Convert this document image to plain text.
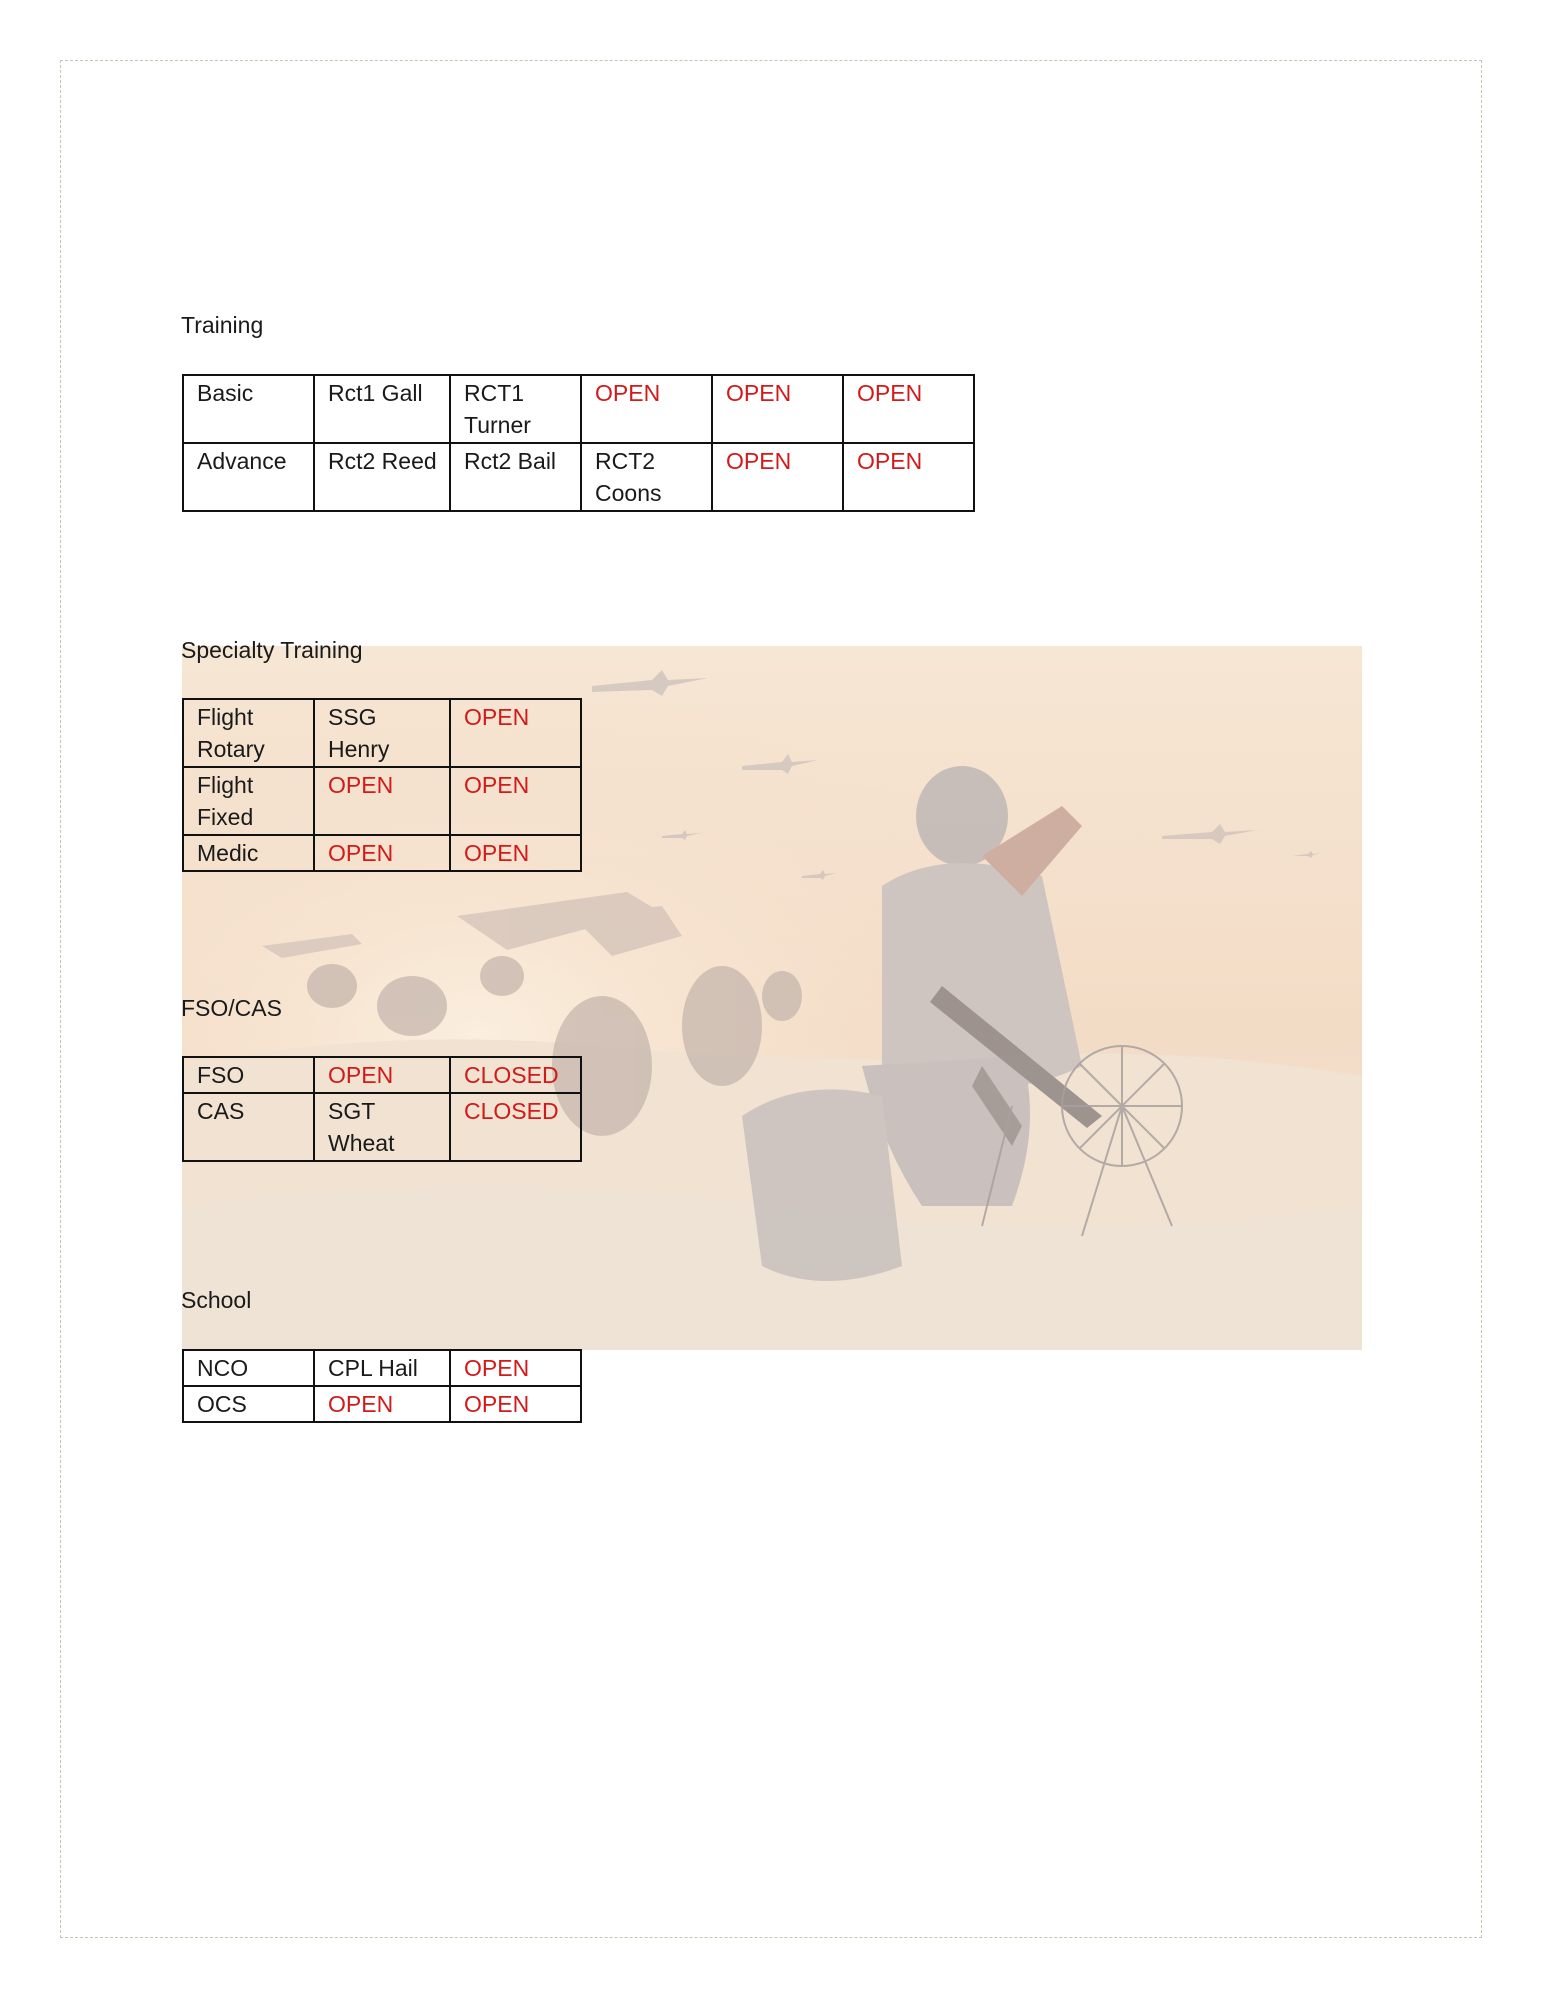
Training
Basic	Rct1 Gall	RCT1 Turner	OPEN	OPEN	OPEN
Advance	Rct2 Reed	Rct2 Bail	RCT2 Coons	OPEN	OPEN
Specialty Training
Flight Rotary	SSG Henry	OPEN
Flight Fixed	OPEN	OPEN
Medic	OPEN	OPEN
FSO/CAS
FSO	OPEN	CLOSED
CAS	SGT Wheat	CLOSED
School
NCO	CPL Hail	OPEN
OCS	OPEN	OPEN
